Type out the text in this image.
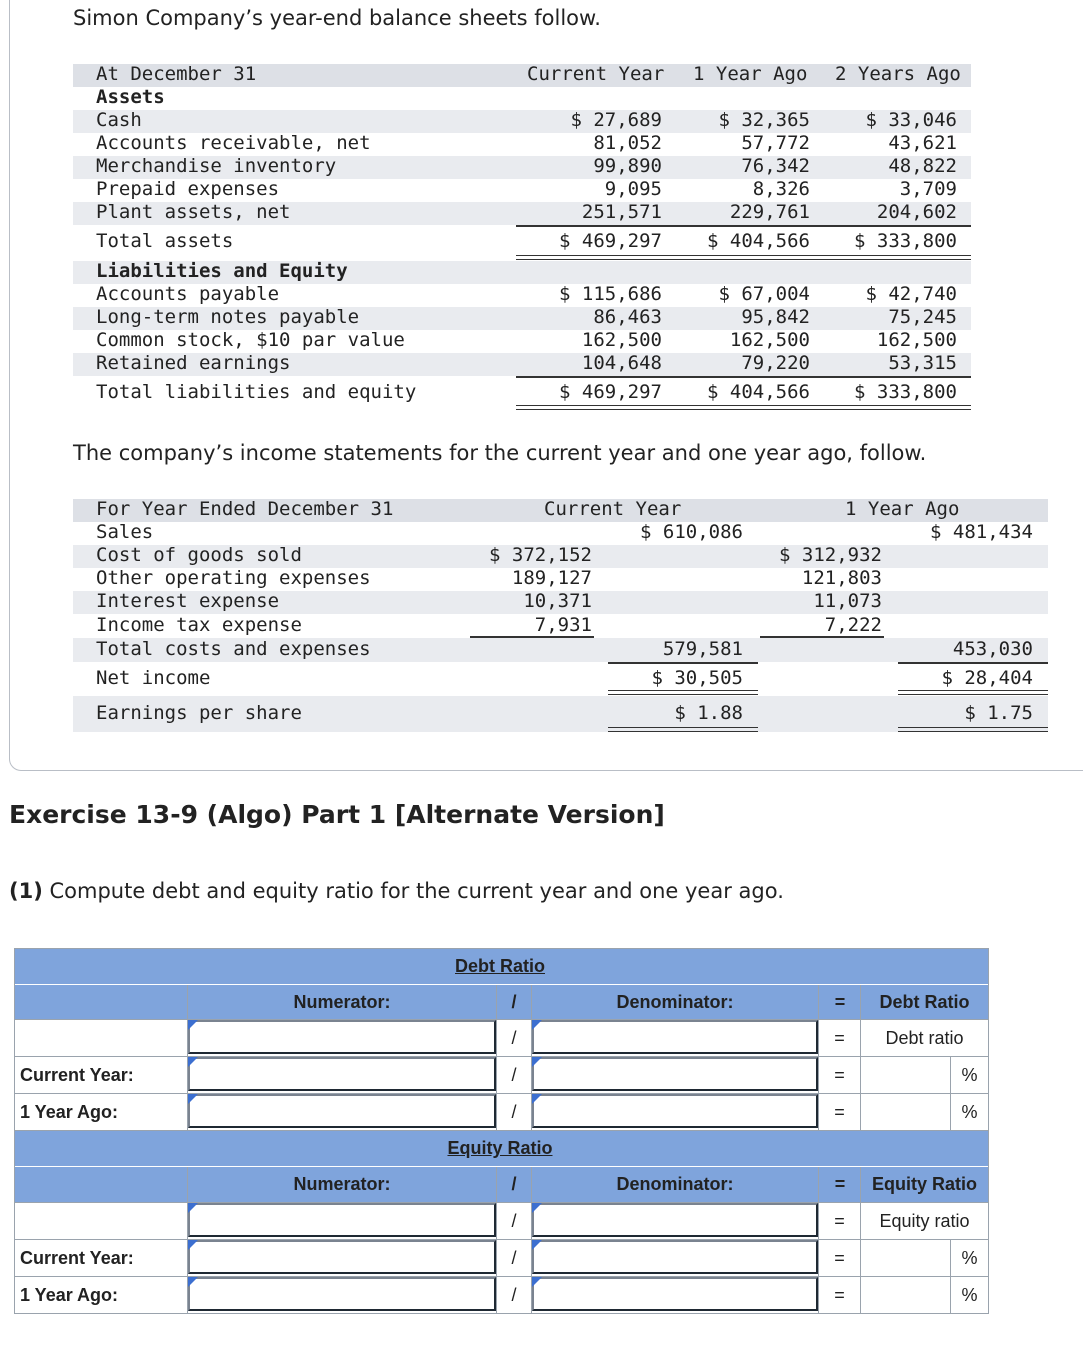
Simon Company’s year-end balance sheets follow.
At December 31	Current Year 1 Year Ago 2 Years Ago
Assets
Cash	$ 27,689	$ 32,365	$ 33,046
Accounts receivable, net	81,052	57,772	43,621
Merchandise inventory	99,890	76,342	48,822
Prepaid expenses	9,095	8,326	3,709
Plant assets, net	251,571	229,761	204,602
Total assets	$ 469,297	$ 404,566	$ 333,800
Liabilities and Equity
Accounts payable	$ 115,686	$ 67,004	$ 42,740
Long-term notes payable	86,463	95,842	75,245
Common stock, $10 par value	162,500	162,500	162,500
Retained earnings	104,648	79,220	53,315
Total liabilities and equity	$ 469,297	$ 404,566	$ 333,800
The company’s income statements for the current year and one year ago, follow.
For Year Ended December 31	Current Year	1 Year Ago
Sales	$ 610,086	$ 481,434
Cost of goods sold	$ 372,152	$ 312,932
Other operating expenses	189,127	121,803
Interest expense	10,371	11,073
Income tax expense	7,931	7,222
Total costs and expenses	579,581	453,030
Net income	$ 30,505	$ 28,404
Earnings per share	$ 1.88	$ 1.75
Exercise 13-9 (Algo) Part 1 [Alternate Version]
(1) Compute debt and equity ratio for the current year and one year ago.
Debt Ratio
Numerator:	/	Denominator:	=	Debt Ratio
/	=	Debt ratio
Current Year:	/	=	%
1 Year Ago:	/	=	%
Equity Ratio
Numerator:	/	Denominator:	=	Equity Ratio
/	=	Equity ratio
Current Year:	/	=	%
1 Year Ago:	/	=	%
